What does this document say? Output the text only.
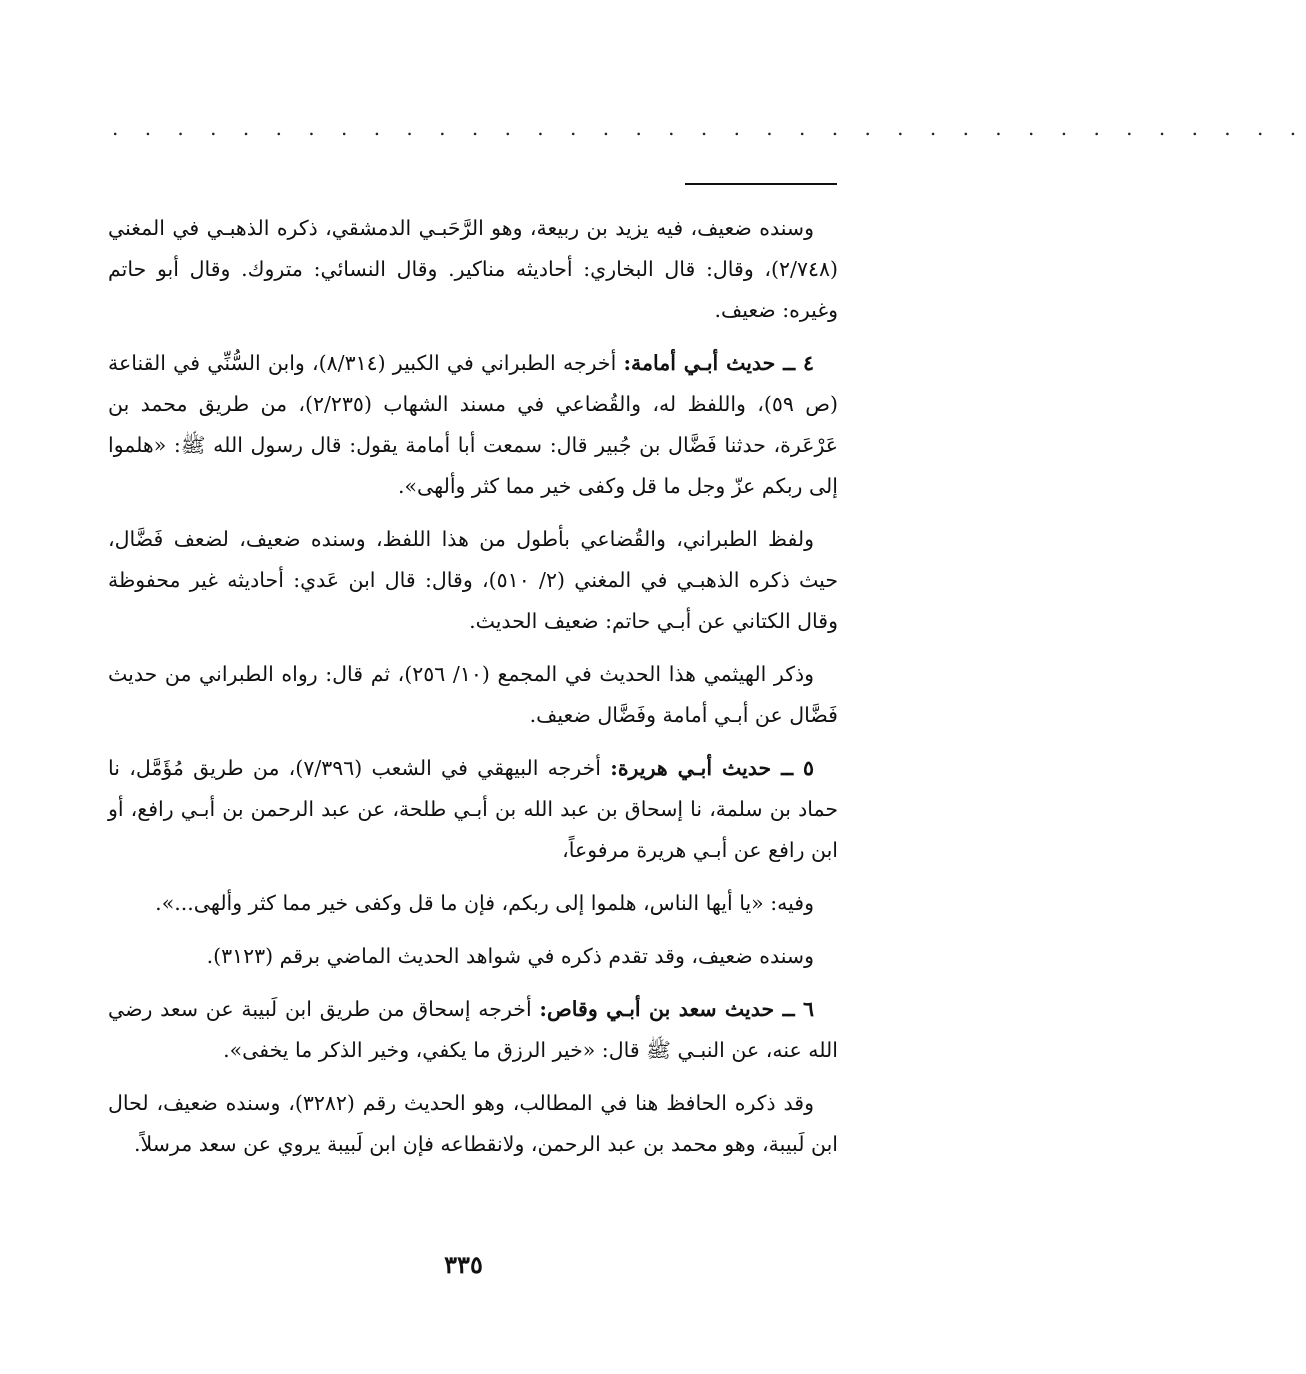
. . . . . . . . . . . . . . . . . . . . . . . . . . . . . . . . . . . . .

وسنده ضعيف، فيه يزيد بن ربيعة، وهو الرَّحَبـي الدمشقي، ذكره الذهبـي في المغني (٢/٧٤٨)، وقال: قال البخاري: أحاديثه مناكير. وقال النسائي: متروك. وقال أبو حاتم وغيره: ضعيف.

٤ ــ حديث أبـي أمامة: أخرجه الطبراني في الكبير (٨/٣١٤)، وابن السُّنِّي في القناعة (ص ٥٩)، واللفظ له، والقُضاعي في مسند الشهاب (٢/٢٣٥)، من طريق محمد بن عَرْعَرة، حدثنا فَضَّال بن جُبير قال: سمعت أبا أمامة يقول: قال رسول الله ﷺ: «هلموا إلى ربكم عزّ وجل ما قل وكفى خير مما كثر وألهى».

ولفظ الطبراني، والقُضاعي بأطول من هذا اللفظ، وسنده ضعيف، لضعف فَضَّال، حيث ذكره الذهبـي في المغني (٢/ ٥١٠)، وقال: قال ابن عَدي: أحاديثه غير محفوظة وقال الكتاني عن أبـي حاتم: ضعيف الحديث.

وذكر الهيثمي هذا الحديث في المجمع (١٠/ ٢٥٦)، ثم قال: رواه الطبراني من حديث فَضَّال عن أبـي أمامة وفَضَّال ضعيف.

٥ ــ حديث أبـي هريرة: أخرجه البيهقي في الشعب (٧/٣٩٦)، من طريق مُؤَمَّل، نا حماد بن سلمة، نا إسحاق بن عبد الله بن أبـي طلحة، عن عبد الرحمن بن أبـي رافع، أو ابن رافع عن أبـي هريرة مرفوعاً،

وفيه: «يا أيها الناس، هلموا إلى ربكم، فإن ما قل وكفى خير مما كثر وألهى...».

وسنده ضعيف، وقد تقدم ذكره في شواهد الحديث الماضي برقم (٣١٢٣).

٦ ــ حديث سعد بن أبـي وقاص: أخرجه إسحاق من طريق ابن لَبيبة عن سعد رضي الله عنه، عن النبـي ﷺ قال: «خير الرزق ما يكفي، وخير الذكر ما يخفى».

وقد ذكره الحافظ هنا في المطالب، وهو الحديث رقم (٣٢٨٢)، وسنده ضعيف، لحال ابن لَبيبة، وهو محمد بن عبد الرحمن، ولانقطاعه فإن ابن لَبيبة يروي عن سعد مرسلاً.

٣٣٥
